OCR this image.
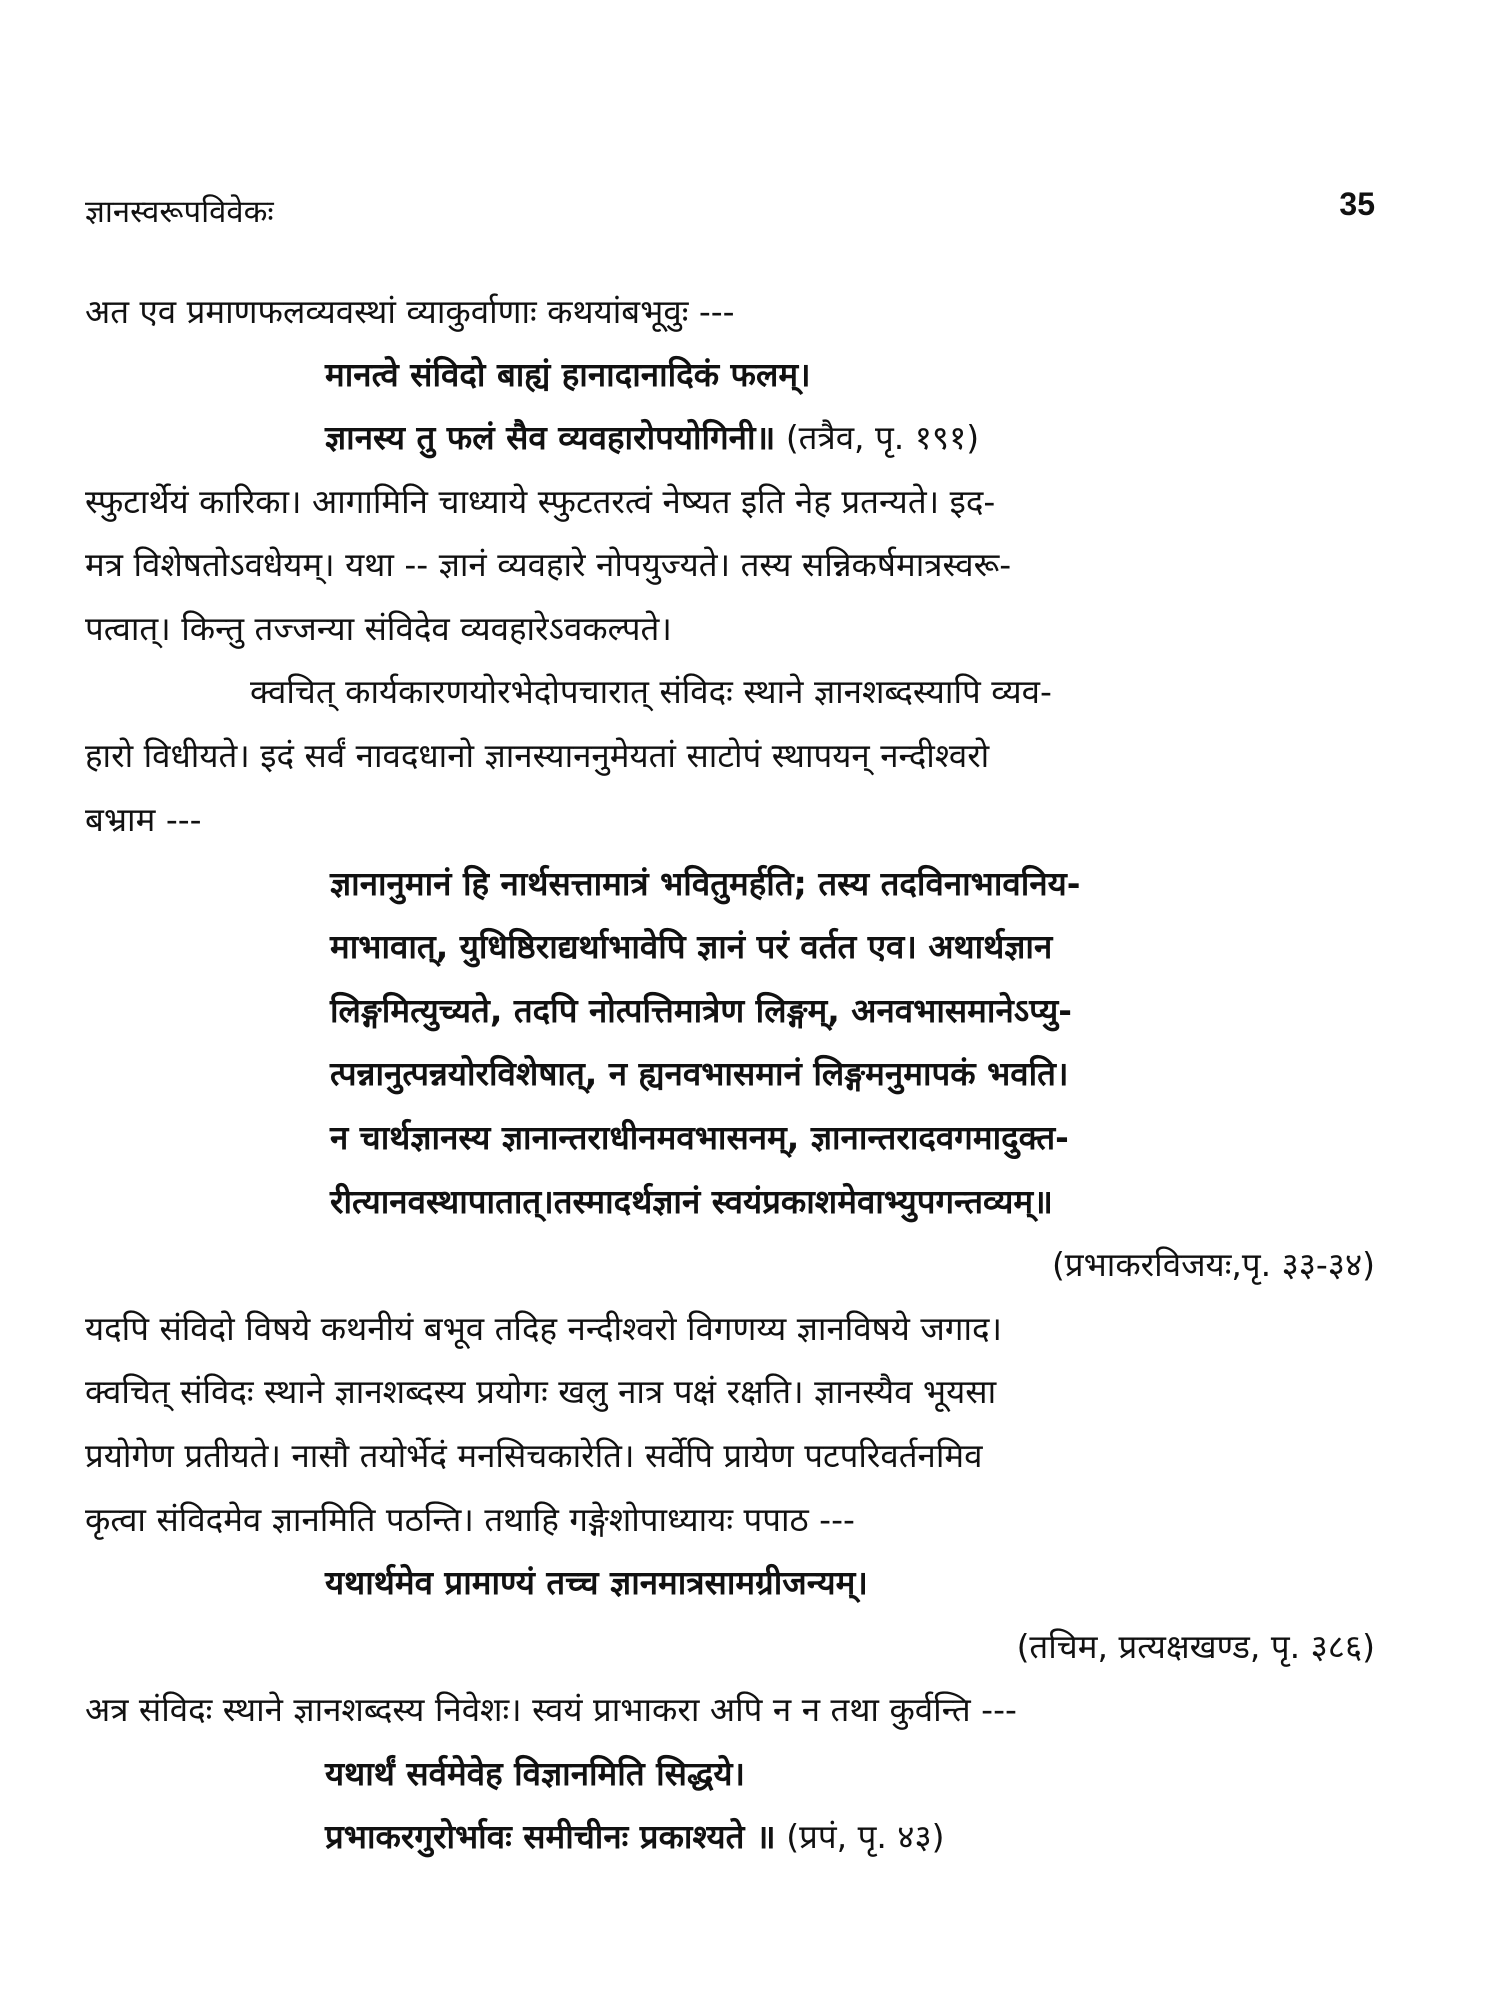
ज्ञानस्वरूपविवेकः	35
अत एव प्रमाणफलव्यवस्थां व्याकुर्वाणाः कथयांबभूवुः ---
मानत्वे संविदो बाह्यं हानादानादिकं फलम्।
ज्ञानस्य तु फलं सैव व्यवहारोपयोगिनी॥ (तत्रैव, पृ. १९१)
स्फुटार्थेयं कारिका। आगामिनि चाध्याये स्फुटतरत्वं नेष्यत इति नेह प्रतन्यते। इद-
मत्र विशेषतोऽवधेयम्। यथा -- ज्ञानं व्यवहारे नोपयुज्यते। तस्य सन्निकर्षमात्रस्वरू-
पत्वात्। किन्तु तज्जन्या संविदेव व्यवहारेऽवकल्पते।
क्वचित् कार्यकारणयोरभेदोपचारात् संविदः स्थाने ज्ञानशब्दस्यापि व्यव-
हारो विधीयते। इदं सर्वं नावदधानो ज्ञानस्याननुमेयतां साटोपं स्थापयन् नन्दीश्वरो
बभ्राम ---
ज्ञानानुमानं हि नार्थसत्तामात्रं भवितुमर्हति; तस्य तदविनाभावनिय-
माभावात्, युधिष्ठिराद्यर्थाभावेपि ज्ञानं परं वर्तत एव। अथार्थज्ञान
लिङ्गमित्युच्यते, तदपि नोत्पत्तिमात्रेण लिङ्गम्, अनवभासमानेऽप्यु-
त्पन्नानुत्पन्नयोरविशेषात्, न ह्यनवभासमानं लिङ्गमनुमापकं भवति।
न चार्थज्ञानस्य ज्ञानान्तराधीनमवभासनम्, ज्ञानान्तरादवगमादुक्त-
रीत्यानवस्थापातात्।तस्मादर्थज्ञानं स्वयंप्रकाशमेवाभ्युपगन्तव्यम्॥
(प्रभाकरविजयः,पृ. ३३-३४)
यदपि संविदो विषये कथनीयं बभूव तदिह नन्दीश्वरो विगणय्य ज्ञानविषये जगाद।
क्वचित् संविदः स्थाने ज्ञानशब्दस्य प्रयोगः खलु नात्र पक्षं रक्षति। ज्ञानस्यैव भूयसा
प्रयोगेण प्रतीयते। नासौ तयोर्भेदं मनसिचकारेति। सर्वेपि प्रायेण पटपरिवर्तनमिव
कृत्वा संविदमेव ज्ञानमिति पठन्ति। तथाहि गङ्गेशोपाध्यायः पपाठ ---
यथार्थमेव प्रामाण्यं तच्च ज्ञानमात्रसामग्रीजन्यम्।
(तचिम, प्रत्यक्षखण्ड, पृ. ३८६)
अत्र संविदः स्थाने ज्ञानशब्दस्य निवेशः। स्वयं प्राभाकरा अपि न न तथा कुर्वन्ति ---
यथार्थं सर्वमेवेह विज्ञानमिति सिद्धये।
प्रभाकरगुरोर्भावः समीचीनः प्रकाश्यते ॥ (प्रपं, पृ. ४३)
